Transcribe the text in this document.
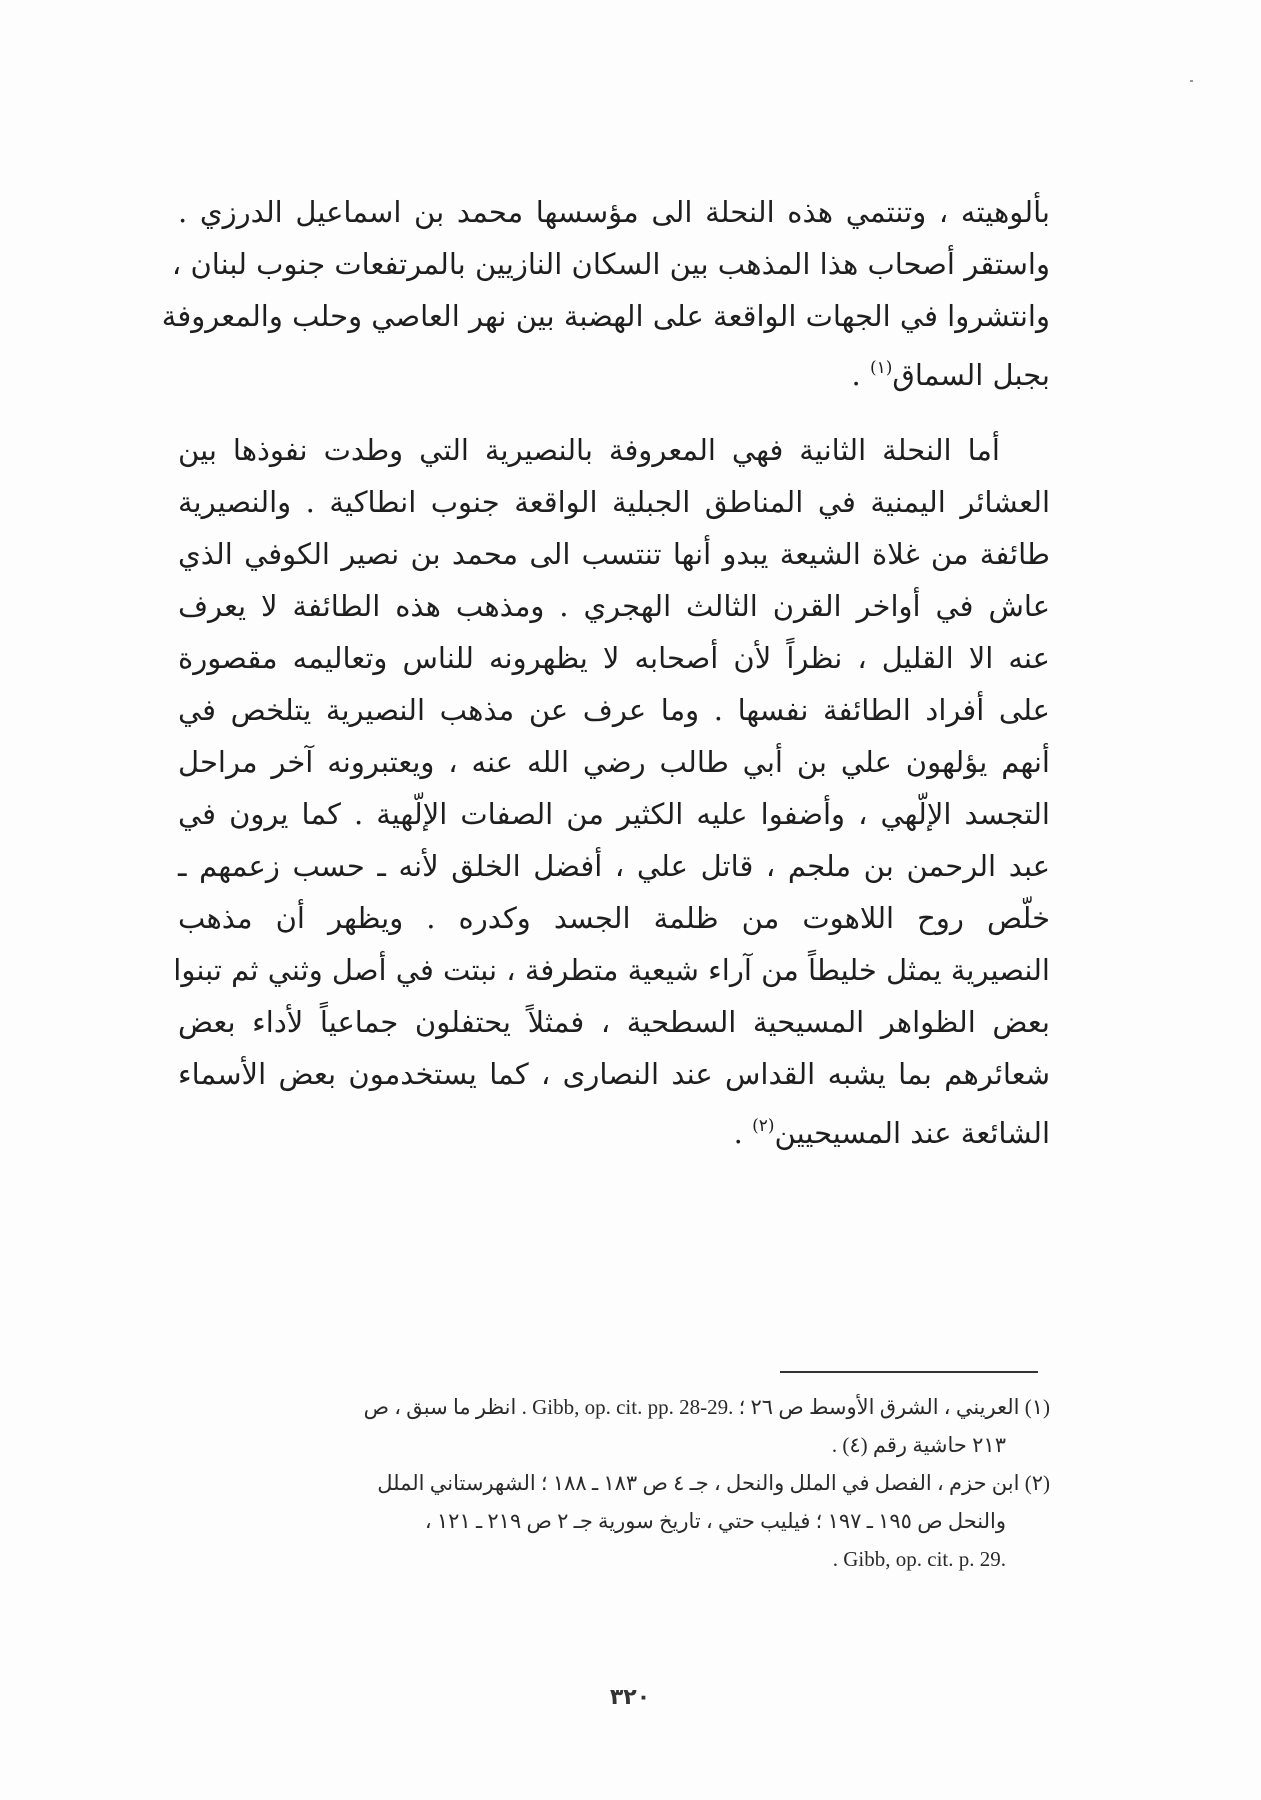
بألوهيته ، وتنتمي هذه النحلة الى مؤسسها محمد بن اسماعيل الدرزي .
واستقر أصحاب هذا المذهب بين السكان النازيين بالمرتفعات جنوب لبنان ،
وانتشروا في الجهات الواقعة على الهضبة بين نهر العاصي وحلب والمعروفة
بجبل السماق$^{(١)}$ .
أما النحلة الثانية فهي المعروفة بالنصيرية التي وطدت نفوذها بين
العشائر اليمنية في المناطق الجبلية الواقعة جنوب انطاكية . والنصيرية
طائفة من غلاة الشيعة يبدو أنها تنتسب الى محمد بن نصير الكوفي الذي
عاش في أواخر القرن الثالث الهجري . ومذهب هذه الطائفة لا يعرف
عنه الا القليل ، نظراً لأن أصحابه لا يظهرونه للناس وتعاليمه مقصورة
على أفراد الطائفة نفسها . وما عرف عن مذهب النصيرية يتلخص في
أنهم يؤلهون علي بن أبي طالب رضي الله عنه ، ويعتبرونه آخر مراحل
التجسد الإلّهي ، وأضفوا عليه الكثير من الصفات الإلّهية . كما يرون في
عبد الرحمن بن ملجم ، قاتل علي ، أفضل الخلق لأنه ـ حسب زعمهم ـ
خلّص روح اللاهوت من ظلمة الجسد وكدره . ويظهر أن مذهب
النصيرية يمثل خليطاً من آراء شيعية متطرفة ، نبتت في أصل وثني ثم تبنوا
بعض الظواهر المسيحية السطحية ، فمثلاً يحتفلون جماعياً لأداء بعض
شعائرهم بما يشبه القداس عند النصارى ، كما يستخدمون بعض الأسماء
الشائعة عند المسيحيين$^{(٢)}$ .
(١) العريني ، الشرق الأوسط ص ٢٦ ؛ Gibb, op. cit. pp. 28-29. . انظر ما سبق ، ص
٢١٣ حاشية رقم (٤) .
(٢) ابن حزم ، الفصل في الملل والنحل ، جـ ٤ ص ١٨٣ ـ ١٨٨ ؛ الشهرستاني الملل
والنحل ص ١٩٥ ـ ١٩٧ ؛ فيليب حتي ، تاريخ سورية جـ ٢ ص ٢١٩ ـ ١٢١ ،
. Gibb, op. cit. p. 29.
٣٢٠
